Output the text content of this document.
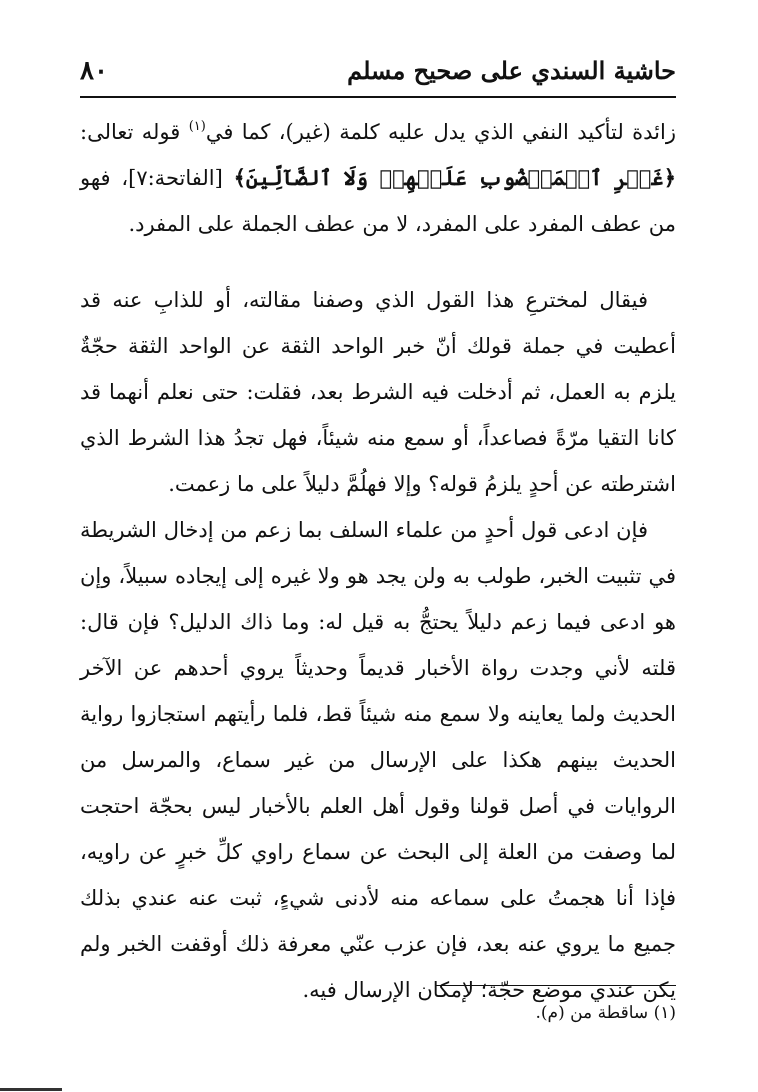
حاشية السندي على صحيح مسلم
٨٠

زائدة لتأكيد النفي الذي يدل عليه كلمة (غير)، كما في$^{(١)}$ قوله تعالى: ﴿غَيۡرِ ٱلۡمَغۡضُوبِ عَلَيۡهِمۡ وَلَا ٱلضَّآلِّينَ﴾ [الفاتحة:٧]، فهو من عطف المفرد على المفرد، لا من عطف الجملة على المفرد.

فيقال لمخترعِ هذا القول الذي وصفنا مقالته، أو للذابِ عنه قد أعطيت في جملة قولك أنّ خبر الواحد الثقة عن الواحد الثقة حجّةٌ يلزم به العمل، ثم أدخلت فيه الشرط بعد، فقلت: حتى نعلم أنهما قد كانا التقيا مرّةً فصاعداً، أو سمع منه شيئاً، فهل تجدُ هذا الشرط الذي اشترطته عن أحدٍ يلزمُ قوله؟ وإلا فهلُمَّ دليلاً على ما زعمت.

فإن ادعى قول أحدٍ من علماء السلف بما زعم من إدخال الشريطة في تثبيت الخبر، طولب به ولن يجد هو ولا غيره إلى إيجاده سبيلاً، وإن هو ادعى فيما زعم دليلاً يحتجُّ به قيل له: وما ذاك الدليل؟ فإن قال: قلته لأني وجدت رواة الأخبار قديماً وحديثاً يروي أحدهم عن الآخر الحديث ولما يعاينه ولا سمع منه شيئاً قط، فلما رأيتهم استجازوا رواية الحديث بينهم هكذا على الإرسال من غير سماع، والمرسل من الروايات في أصل قولنا وقول أهل العلم بالأخبار ليس بحجّة احتجت لما وصفت من العلة إلى البحث عن سماع راوي كلِّ خبرٍ عن راويه، فإذا أنا هجمتُ على سماعه منه لأدنى شيءٍ، ثبت عنه عندي بذلك جميع ما يروي عنه بعد، فإن عزب عنّي معرفة ذلك أوقفت الخبر ولم يكن عندي موضع حجّة؛ لإمكان الإرسال فيه.

(١) ساقطة من (م).
